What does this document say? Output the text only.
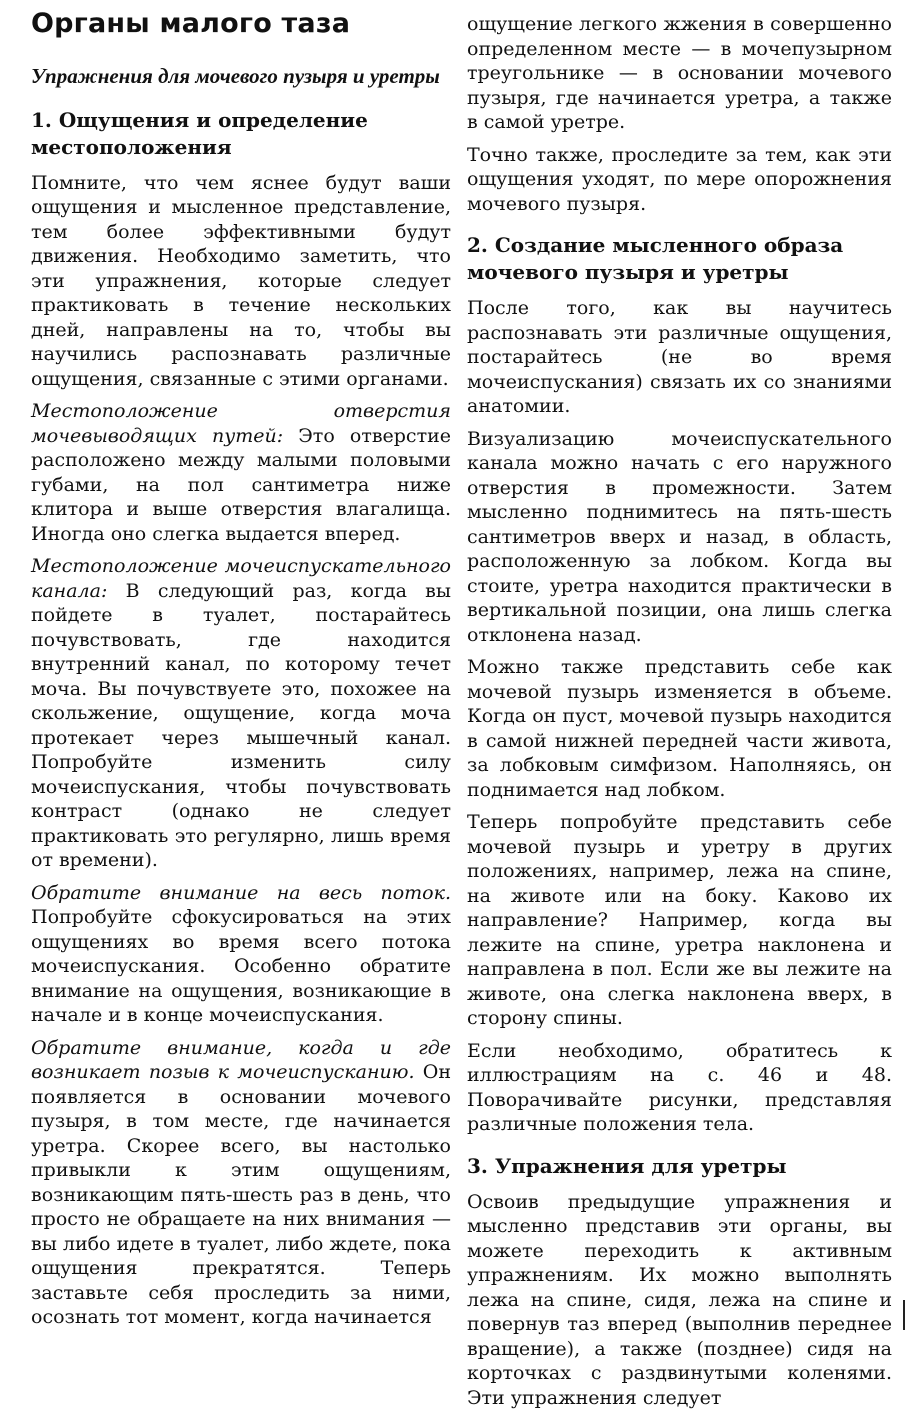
Органы малого таза
Упражнения для мочевого пузыря и уретры
1. Ощущения и определение местоположения

Помните, что чем яснее будут ваши ощущения и мысленное представление, тем более эффективными будут движения. Необходимо заметить, что эти упражнения, которые следует практиковать в течение нескольких дней, направлены на то, чтобы вы научились распознавать различные ощущения, связанные с этими органами.

Местоположение отверстия мочевыводящих путей: Это отверстие расположено между малыми половыми губами, на пол сантиметра ниже клитора и выше отверстия влагалища. Иногда оно слегка выдается вперед.

Местоположение мочеиспускательного канала: В следующий раз, когда вы пойдете в туалет, постарайтесь почувствовать, где находится внутренний канал, по которому течет моча. Вы почувствуете это, похожее на скольжение, ощущение, когда моча протекает через мышечный канал. Попробуйте изменить силу мочеиспускания, чтобы почувствовать контраст (однако не следует практиковать это регулярно, лишь время от времени).

Обратите внимание на весь поток. Попробуйте сфокусироваться на этих ощущениях во время всего потока мочеиспускания. Особенно обратите внимание на ощущения, возникающие в начале и в конце мочеиспускания.

Обратите внимание, когда и где возникает позыв к мочеиспусканию. Он появляется в основании мочевого пузыря, в том месте, где начинается уретра. Скорее всего, вы настолько привыкли к этим ощущениям, возникающим пять-шесть раз в день, что просто не обращаете на них внимания — вы либо идете в туалет, либо ждете, пока ощущения прекратятся. Теперь заставьте себя проследить за ними, осознать тот момент, когда начинается

ощущение легкого жжения в совершенно определенном месте — в мочепузырном треугольнике — в основании мочевого пузыря, где начинается уретра, а также в самой уретре.

Точно также, проследите за тем, как эти ощущения уходят, по мере опорожнения мочевого пузыря.

2. Создание мысленного образа мочевого пузыря и уретры

После того, как вы научитесь распознавать эти различные ощущения, постарайтесь (не во время мочеиспускания) связать их со знаниями анатомии.

Визуализацию мочеиспускательного канала можно начать с его наружного отверстия в промежности. Затем мысленно поднимитесь на пять-шесть сантиметров вверх и назад, в область, расположенную за лобком. Когда вы стоите, уретра находится практически в вертикальной позиции, она лишь слегка отклонена назад.

Можно также представить себе как мочевой пузырь изменяется в объеме. Когда он пуст, мочевой пузырь находится в самой нижней передней части живота, за лобковым симфизом. Наполняясь, он поднимается над лобком.

Теперь попробуйте представить себе мочевой пузырь и уретру в других положениях, например, лежа на спине, на животе или на боку. Каково их направление? Например, когда вы лежите на спине, уретра наклонена и направлена в пол. Если же вы лежите на животе, она слегка наклонена вверх, в сторону спины.

Если необходимо, обратитесь к иллюстрациям на с. 46 и 48. Поворачивайте рисунки, представляя различные положения тела.

3. Упражнения для уретры

Освоив предыдущие упражнения и мысленно представив эти органы, вы можете переходить к активным упражнениям. Их можно выполнять лежа на спине, сидя, лежа на спине и повернув таз вперед (выполнив переднее вращение), а также (позднее) сидя на корточках с раздвинутыми коленями. Эти упражнения следует
